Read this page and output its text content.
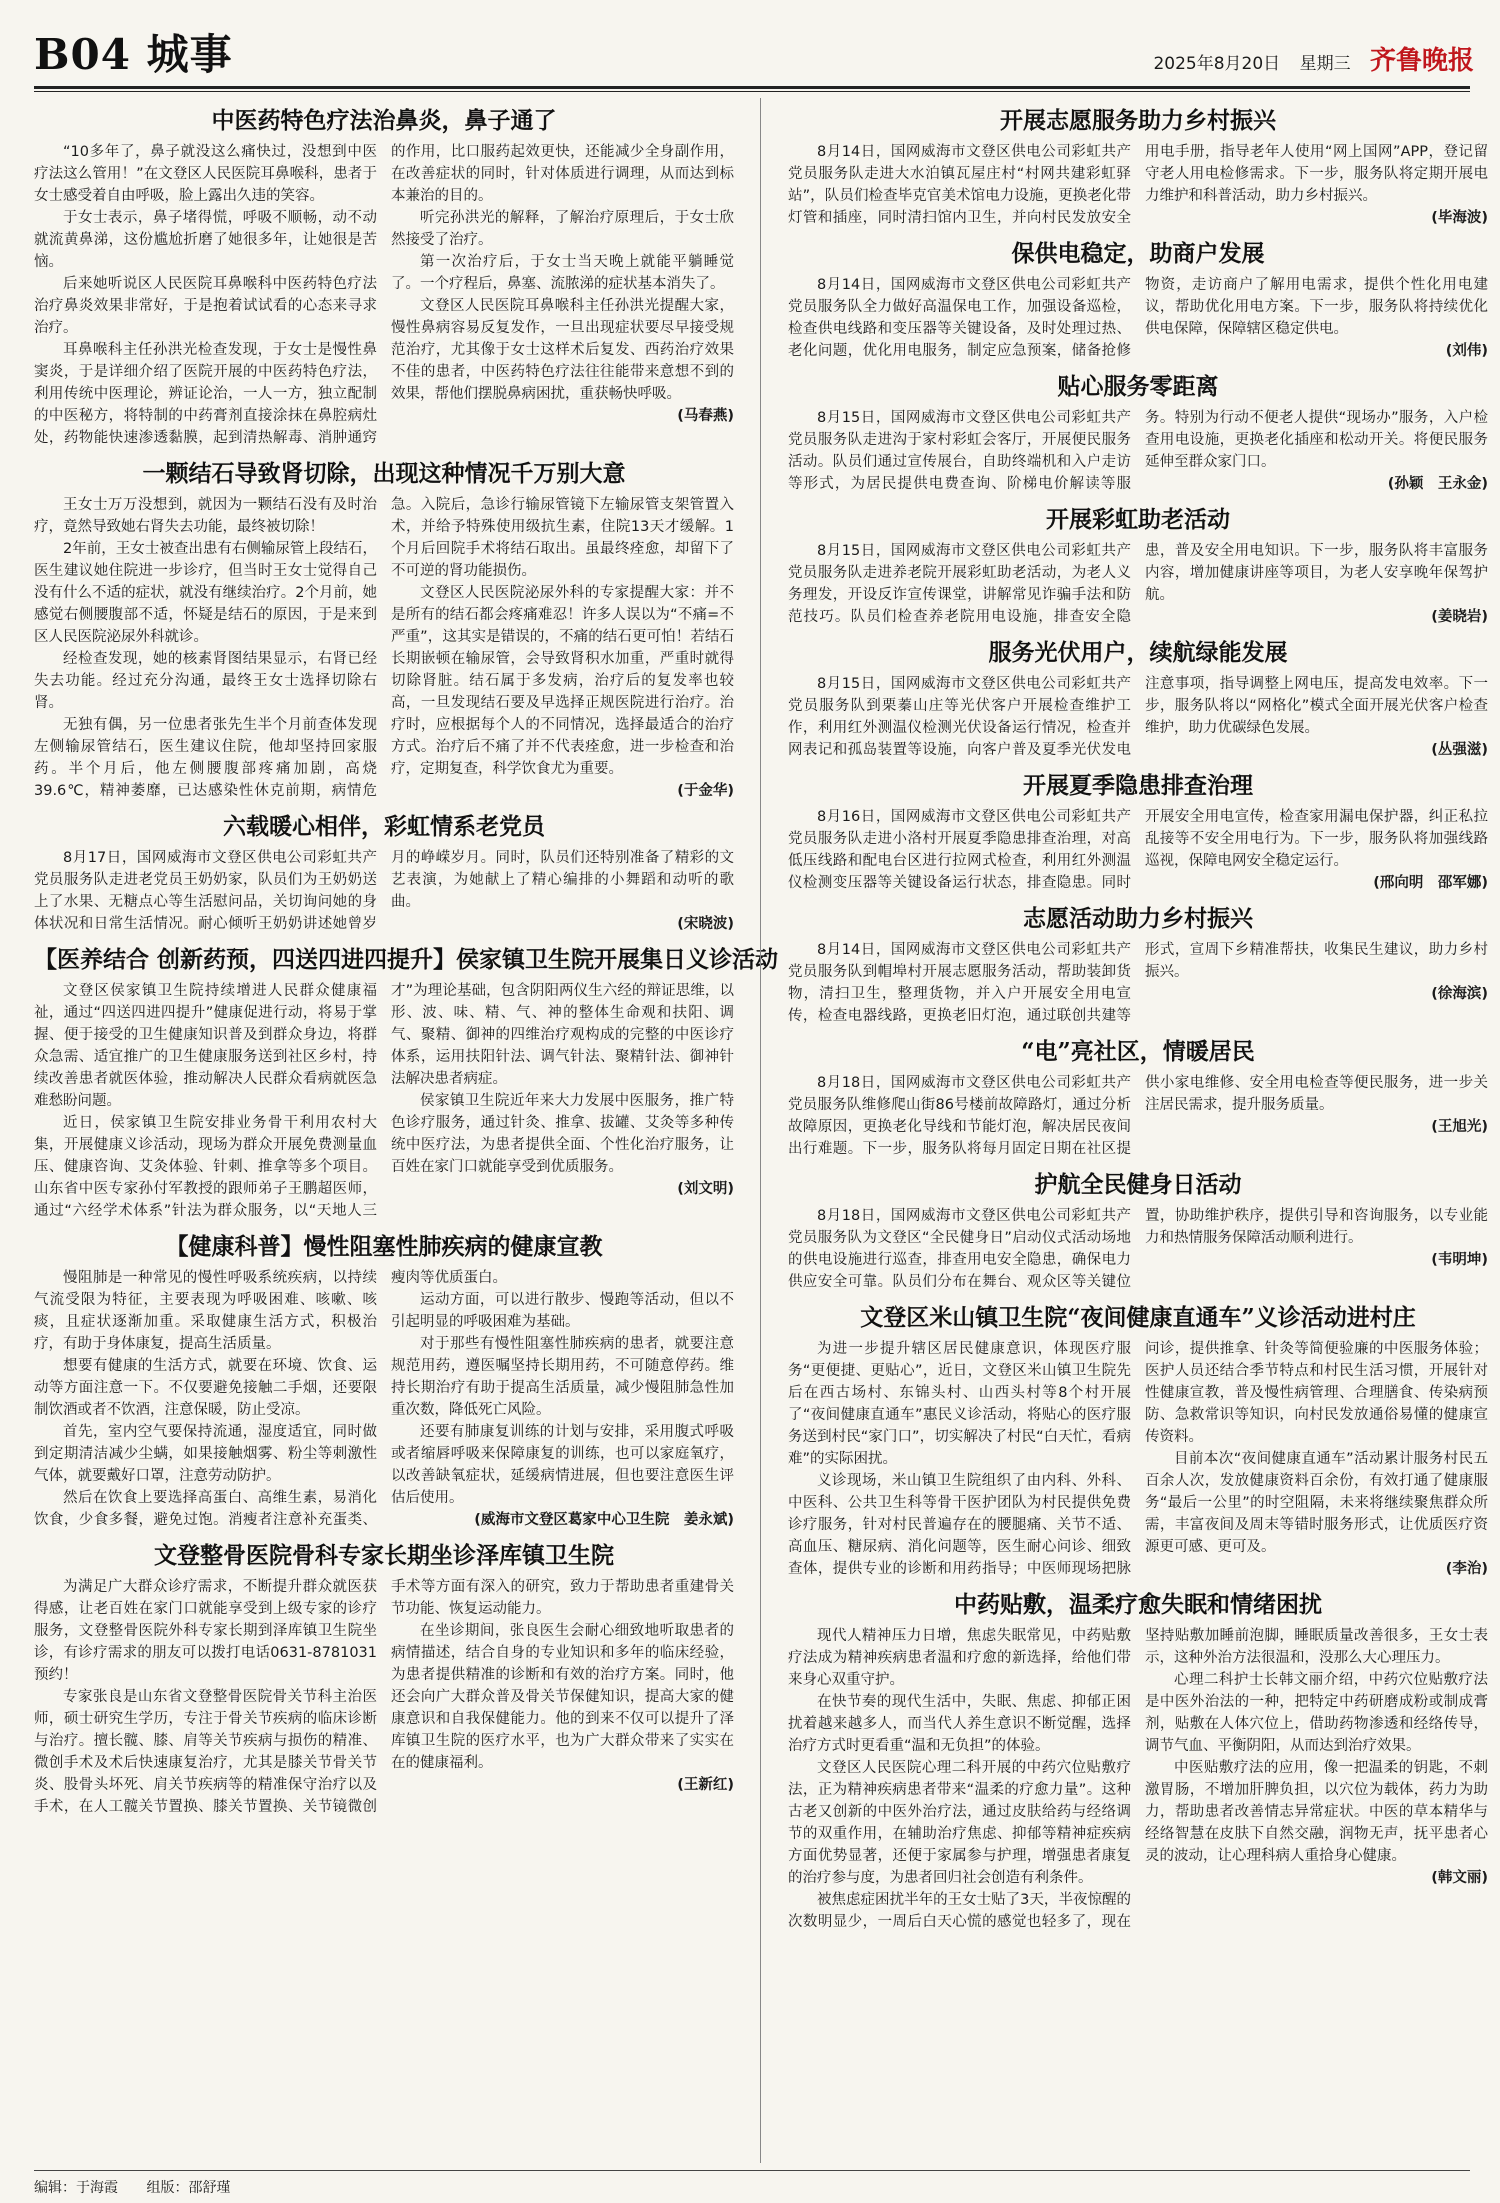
B04 城事	2025年8月20日 星期三 齐鲁晚报
中医药特色疗法治鼻炎，鼻子通了

“10多年了，鼻子就没这么痛快过，没想到中医疗法这么管用！”在文登区人民医院耳鼻喉科，患者于女士感受着自由呼吸，脸上露出久违的笑容。

于女士表示，鼻子堵得慌，呼吸不顺畅，动不动就流黄鼻涕，这份尴尬折磨了她很多年，让她很是苦恼。

后来她听说区人民医院耳鼻喉科中医药特色疗法治疗鼻炎效果非常好，于是抱着试试看的心态来寻求治疗。

耳鼻喉科主任孙洪光检查发现，于女士是慢性鼻窦炎，于是详细介绍了医院开展的中医药特色疗法，利用传统中医理论，辨证论治，一人一方，独立配制的中医秘方，将特制的中药膏剂直接涂抹在鼻腔病灶处，药物能快速渗透黏膜，起到清热解毒、消肿通窍的作用，比口服药起效更快，还能减少全身副作用，在改善症状的同时，针对体质进行调理，从而达到标本兼治的目的。

听完孙洪光的解释，了解治疗原理后，于女士欣然接受了治疗。

第一次治疗后，于女士当天晚上就能平躺睡觉了。一个疗程后，鼻塞、流脓涕的症状基本消失了。

文登区人民医院耳鼻喉科主任孙洪光提醒大家，慢性鼻病容易反复发作，一旦出现症状要尽早接受规范治疗，尤其像于女士这样术后复发、西药治疗效果不佳的患者，中医药特色疗法往往能带来意想不到的效果，帮他们摆脱鼻病困扰，重获畅快呼吸。

(马春燕)
一颗结石导致肾切除，出现这种情况千万别大意

王女士万万没想到，就因为一颗结石没有及时治疗，竟然导致她右肾失去功能，最终被切除！

2年前，王女士被查出患有右侧输尿管上段结石，医生建议她住院进一步诊疗，但当时王女士觉得自己没有什么不适的症状，就没有继续治疗。2个月前，她感觉右侧腰腹部不适，怀疑是结石的原因，于是来到区人民医院泌尿外科就诊。

经检查发现，她的核素肾图结果显示，右肾已经失去功能。经过充分沟通，最终王女士选择切除右肾。

无独有偶，另一位患者张先生半个月前查体发现左侧输尿管结石，医生建议住院，他却坚持回家服药。半个月后，他左侧腰腹部疼痛加剧，高烧39.6℃，精神萎靡，已达感染性休克前期，病情危急。入院后，急诊行输尿管镜下左输尿管支架管置入术，并给予特殊使用级抗生素，住院13天才缓解。1个月后回院手术将结石取出。虽最终痊愈，却留下了不可逆的肾功能损伤。

文登区人民医院泌尿外科的专家提醒大家：并不是所有的结石都会疼痛难忍！许多人误以为“不痛=不严重”，这其实是错误的，不痛的结石更可怕！若结石长期嵌顿在输尿管，会导致肾积水加重，严重时就得切除肾脏。结石属于多发病，治疗后的复发率也较高，一旦发现结石要及早选择正规医院进行治疗。治疗时，应根据每个人的不同情况，选择最适合的治疗方式。治疗后不痛了并不代表痊愈，进一步检查和治疗，定期复查，科学饮食尤为重要。

(于金华)
六载暖心相伴，彩虹情系老党员

8月17日，国网威海市文登区供电公司彩虹共产党员服务队走进老党员王奶奶家，队员们为王奶奶送上了水果、无糖点心等生活慰问品，关切询问她的身体状况和日常生活情况。耐心倾听王奶奶讲述她曾岁月的峥嵘岁月。同时，队员们还特别准备了精彩的文艺表演，为她献上了精心编排的小舞蹈和动听的歌曲。

(宋晓波)
【医养结合 创新药预，四送四进四提升】侯家镇卫生院开展集日义诊活动

文登区侯家镇卫生院持续增进人民群众健康福祉，通过“四送四进四提升”健康促进行动，将易于掌握、便于接受的卫生健康知识普及到群众身边，将群众急需、适宜推广的卫生健康服务送到社区乡村，持续改善患者就医体验，推动解决人民群众看病就医急难愁盼问题。

近日，侯家镇卫生院安排业务骨干利用农村大集，开展健康义诊活动，现场为群众开展免费测量血压、健康咨询、艾灸体验、针刺、推拿等多个项目。山东省中医专家孙付军教授的跟师弟子王鹏超医师，通过“六经学术体系”针法为群众服务，以“天地人三才”为理论基础，包含阴阳两仪生六经的辩证思维，以形、波、味、精、气、神的整体生命观和扶阳、调气、聚精、御神的四维治疗观构成的完整的中医诊疗体系，运用扶阳针法、调气针法、聚精针法、御神针法解决患者病症。

侯家镇卫生院近年来大力发展中医服务，推广特色诊疗服务，通过针灸、推拿、拔罐、艾灸等多种传统中医疗法，为患者提供全面、个性化治疗服务，让百姓在家门口就能享受到优质服务。

(刘文明)
【健康科普】慢性阻塞性肺疾病的健康宣教

慢阻肺是一种常见的慢性呼吸系统疾病，以持续气流受限为特征，主要表现为呼吸困难、咳嗽、咳痰，且症状逐渐加重。采取健康生活方式，积极治疗，有助于身体康复，提高生活质量。

想要有健康的生活方式，就要在环境、饮食、运动等方面注意一下。不仅要避免接触二手烟，还要限制饮酒或者不饮酒，注意保暖，防止受凉。

首先，室内空气要保持流通，湿度适宜，同时做到定期清洁减少尘螨，如果接触烟雾、粉尘等刺激性气体，就要戴好口罩，注意劳动防护。

然后在饮食上要选择高蛋白、高维生素，易消化饮食，少食多餐，避免过饱。消瘦者注意补充蛋类、瘦肉等优质蛋白。

运动方面，可以进行散步、慢跑等活动，但以不引起明显的呼吸困难为基础。

对于那些有慢性阻塞性肺疾病的患者，就要注意规范用药，遵医嘱坚持长期用药，不可随意停药。维持长期治疗有助于提高生活质量，减少慢阻肺急性加重次数，降低死亡风险。

还要有肺康复训练的计划与安排，采用腹式呼吸或者缩唇呼吸来保障康复的训练，也可以家庭氧疗，以改善缺氧症状，延缓病情进展，但也要注意医生评估后使用。

(威海市文登区葛家中心卫生院　姜永斌)
文登整骨医院骨科专家长期坐诊泽库镇卫生院

为满足广大群众诊疗需求，不断提升群众就医获得感，让老百姓在家门口就能享受到上级专家的诊疗服务，文登整骨医院外科专家长期到泽库镇卫生院坐诊，有诊疗需求的朋友可以拨打电话0631-8781031预约！

专家张良是山东省文登整骨医院骨关节科主治医师，硕士研究生学历，专注于骨关节疾病的临床诊断与治疗。擅长髋、膝、肩等关节疾病与损伤的精准、微创手术及术后快速康复治疗，尤其是膝关节骨关节炎、股骨头坏死、肩关节疾病等的精准保守治疗以及手术，在人工髋关节置换、膝关节置换、关节镜微创手术等方面有深入的研究，致力于帮助患者重建骨关节功能、恢复运动能力。

在坐诊期间，张良医生会耐心细致地听取患者的病情描述，结合自身的专业知识和多年的临床经验，为患者提供精准的诊断和有效的治疗方案。同时，他还会向广大群众普及骨关节保健知识，提高大家的健康意识和自我保健能力。他的到来不仅可以提升了泽库镇卫生院的医疗水平，也为广大群众带来了实实在在的健康福利。

(王新红)
开展志愿服务助力乡村振兴

8月14日，国网威海市文登区供电公司彩虹共产党员服务队走进大水泊镇瓦屋庄村“村网共建彩虹驿站”，队员们检查毕克官美术馆电力设施，更换老化带灯管和插座，同时清扫馆内卫生，并向村民发放安全用电手册，指导老年人使用“网上国网”APP，登记留守老人用电检修需求。下一步，服务队将定期开展电力维护和科普活动，助力乡村振兴。

(毕海波)
保供电稳定，助商户发展

8月14日，国网威海市文登区供电公司彩虹共产党员服务队全力做好高温保电工作，加强设备巡检，检查供电线路和变压器等关键设备，及时处理过热、老化问题，优化用电服务，制定应急预案，储备抢修物资，走访商户了解用电需求，提供个性化用电建议，帮助优化用电方案。下一步，服务队将持续优化供电保障，保障辖区稳定供电。

(刘伟)
贴心服务零距离

8月15日，国网威海市文登区供电公司彩虹共产党员服务队走进沟于家村彩虹会客厅，开展便民服务活动。队员们通过宣传展台，自助终端机和入户走访等形式，为居民提供电费查询、阶梯电价解读等服务。特别为行动不便老人提供“现场办”服务，入户检查用电设施，更换老化插座和松动开关。将便民服务延伸至群众家门口。

(孙颖　王永金)
开展彩虹助老活动

8月15日，国网威海市文登区供电公司彩虹共产党员服务队走进养老院开展彩虹助老活动，为老人义务理发，开设反诈宣传课堂，讲解常见诈骗手法和防范技巧。队员们检查养老院用电设施，排查安全隐患，普及安全用电知识。下一步，服务队将丰富服务内容，增加健康讲座等项目，为老人安享晚年保驾护航。

(姜晓岩)
服务光伏用户，续航绿能发展

8月15日，国网威海市文登区供电公司彩虹共产党员服务队到栗蓁山庄等光伏客户开展检查维护工作，利用红外测温仪检测光伏设备运行情况，检查并网表记和孤岛装置等设施，向客户普及夏季光伏发电注意事项，指导调整上网电压，提高发电效率。下一步，服务队将以“网格化”模式全面开展光伏客户检查维护，助力优碳绿色发展。

(丛强滋)
开展夏季隐患排查治理

8月16日，国网威海市文登区供电公司彩虹共产党员服务队走进小洛村开展夏季隐患排查治理，对高低压线路和配电台区进行拉网式检查，利用红外测温仪检测变压器等关键设备运行状态，排查隐患。同时开展安全用电宣传，检查家用漏电保护器，纠正私拉乱接等不安全用电行为。下一步，服务队将加强线路巡视，保障电网安全稳定运行。

(邢向明　邵军娜)
志愿活动助力乡村振兴

8月14日，国网威海市文登区供电公司彩虹共产党员服务队到帽埠村开展志愿服务活动，帮助装卸货物，清扫卫生，整理货物，并入户开展安全用电宣传，检查电器线路，更换老旧灯泡，通过联创共建等形式，宣周下乡精准帮扶，收集民生建议，助力乡村振兴。

(徐海滨)
“电”亮社区，情暖居民

8月18日，国网威海市文登区供电公司彩虹共产党员服务队维修爬山街86号楼前故障路灯，通过分析故障原因，更换老化导线和节能灯泡，解决居民夜间出行难题。下一步，服务队将每月固定日期在社区提供小家电维修、安全用电检查等便民服务，进一步关注居民需求，提升服务质量。

(王旭光)
护航全民健身日活动

8月18日，国网威海市文登区供电公司彩虹共产党员服务队为文登区“全民健身日”启动仪式活动场地的供电设施进行巡查，排查用电安全隐患，确保电力供应安全可靠。队员们分布在舞台、观众区等关键位置，协助维护秩序，提供引导和咨询服务，以专业能力和热情服务保障活动顺利进行。

(韦明坤)
文登区米山镇卫生院“夜间健康直通车”义诊活动进村庄

为进一步提升辖区居民健康意识，体现医疗服务“更便捷、更贴心”，近日，文登区米山镇卫生院先后在西古场村、东锦头村、山西头村等8个村开展了“夜间健康直通车”惠民义诊活动，将贴心的医疗服务送到村民“家门口”，切实解决了村民“白天忙，看病难”的实际困扰。

义诊现场，米山镇卫生院组织了由内科、外科、中医科、公共卫生科等骨干医护团队为村民提供免费诊疗服务，针对村民普遍存在的腰腿痛、关节不适、高血压、糖尿病、消化问题等，医生耐心问诊、细致查体，提供专业的诊断和用药指导；中医师现场把脉问诊，提供推拿、针灸等简便验廉的中医服务体验；医护人员还结合季节特点和村民生活习惯，开展针对性健康宣教，普及慢性病管理、合理膳食、传染病预防、急救常识等知识，向村民发放通俗易懂的健康宣传资料。

目前本次“夜间健康直通车”活动累计服务村民五百余人次，发放健康资料百余份，有效打通了健康服务“最后一公里”的时空阻隔，未来将继续聚焦群众所需，丰富夜间及周末等错时服务形式，让优质医疗资源更可感、更可及。

(李治)
中药贴敷，温柔疗愈失眠和情绪困扰

现代人精神压力日增，焦虑失眠常见，中药贴敷疗法成为精神疾病患者温和疗愈的新选择，给他们带来身心双重守护。

在快节奏的现代生活中，失眠、焦虑、抑郁正困扰着越来越多人，而当代人养生意识不断觉醒，选择治疗方式时更看重“温和无负担”的体验。

文登区人民医院心理二科开展的中药穴位贴敷疗法，正为精神疾病患者带来“温柔的疗愈力量”。这种古老又创新的中医外治疗法，通过皮肤给药与经络调节的双重作用，在辅助治疗焦虑、抑郁等精神症疾病方面优势显著，还便于家属参与护理，增强患者康复的治疗参与度，为患者回归社会创造有利条件。

被焦虑症困扰半年的王女士贴了3天，半夜惊醒的次数明显少，一周后白天心慌的感觉也轻多了，现在坚持贴敷加睡前泡脚，睡眠质量改善很多，王女士表示，这种外治方法很温和，没那么大心理压力。

心理二科护士长韩文丽介绍，中药穴位贴敷疗法是中医外治法的一种，把特定中药研磨成粉或制成膏剂，贴敷在人体穴位上，借助药物渗透和经络传导，调节气血、平衡阴阳，从而达到治疗效果。

中医贴敷疗法的应用，像一把温柔的钥匙，不刺激胃肠，不增加肝脾负担，以穴位为载体，药力为助力，帮助患者改善情志异常症状。中医的草本精华与经络智慧在皮肤下自然交融，润物无声，抚平患者心灵的波动，让心理科病人重拾身心健康。

(韩文丽)
编辑：于海霞 组版：邵舒瑾
